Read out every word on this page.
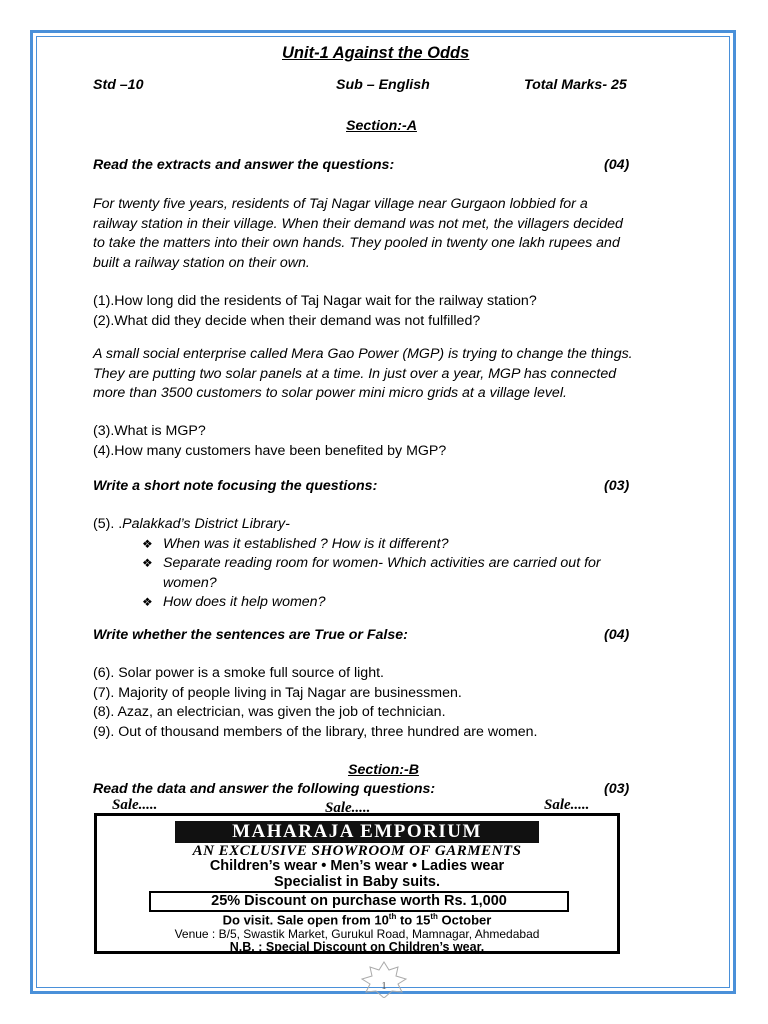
Unit-1 Against the Odds
Std –10	Sub – English	Total Marks- 25
Section:-A
Read the extracts and answer the questions:	(04)
For twenty five years, residents of Taj Nagar village near Gurgaon lobbied for a
railway station in their village. When their demand was not met, the villagers decided
to take the matters into their own hands. They pooled in twenty one lakh rupees and
built a railway station on their own.
(1).How long did the residents of Taj Nagar wait for the railway station?
(2).What did they decide when their demand was not fulfilled?
A small social enterprise called Mera Gao Power (MGP) is trying to change the things.
They are putting two solar panels at a time. In just over a year, MGP has connected
more than 3500 customers to solar power mini micro grids at a village level.
(3).What is MGP?
(4).How many customers have been benefited by MGP?
Write a short note focusing the questions:	(03)
(5). .Palakkad’s District Library-
❖ When was it established ? How is it different?
❖ Separate reading room for women- Which activities are carried out for
women?
❖ How does it help women?
Write whether the sentences are True or False:	(04)
(6). Solar power is a smoke full source of light.
(7). Majority of people living in Taj Nagar are businessmen.
(8). Azaz, an electrician, was given the job of technician.
(9). Out of thousand members of the library, three hundred are women.
Section:-B
Read the data and answer the following questions:	(03)
Sale.....	Sale.....	Sale.....
MAHARAJA EMPORIUM
AN EXCLUSIVE SHOWROOM OF GARMENTS
Children’s wear • Men’s wear • Ladies wear
Specialist in Baby suits.
25% Discount on purchase worth Rs. 1,000
Do visit. Sale open from 10th to 15th October
Venue : B/5, Swastik Market, Gurukul Road, Mamnagar, Ahmedabad
N.B. : Special Discount on Children’s wear.
1
